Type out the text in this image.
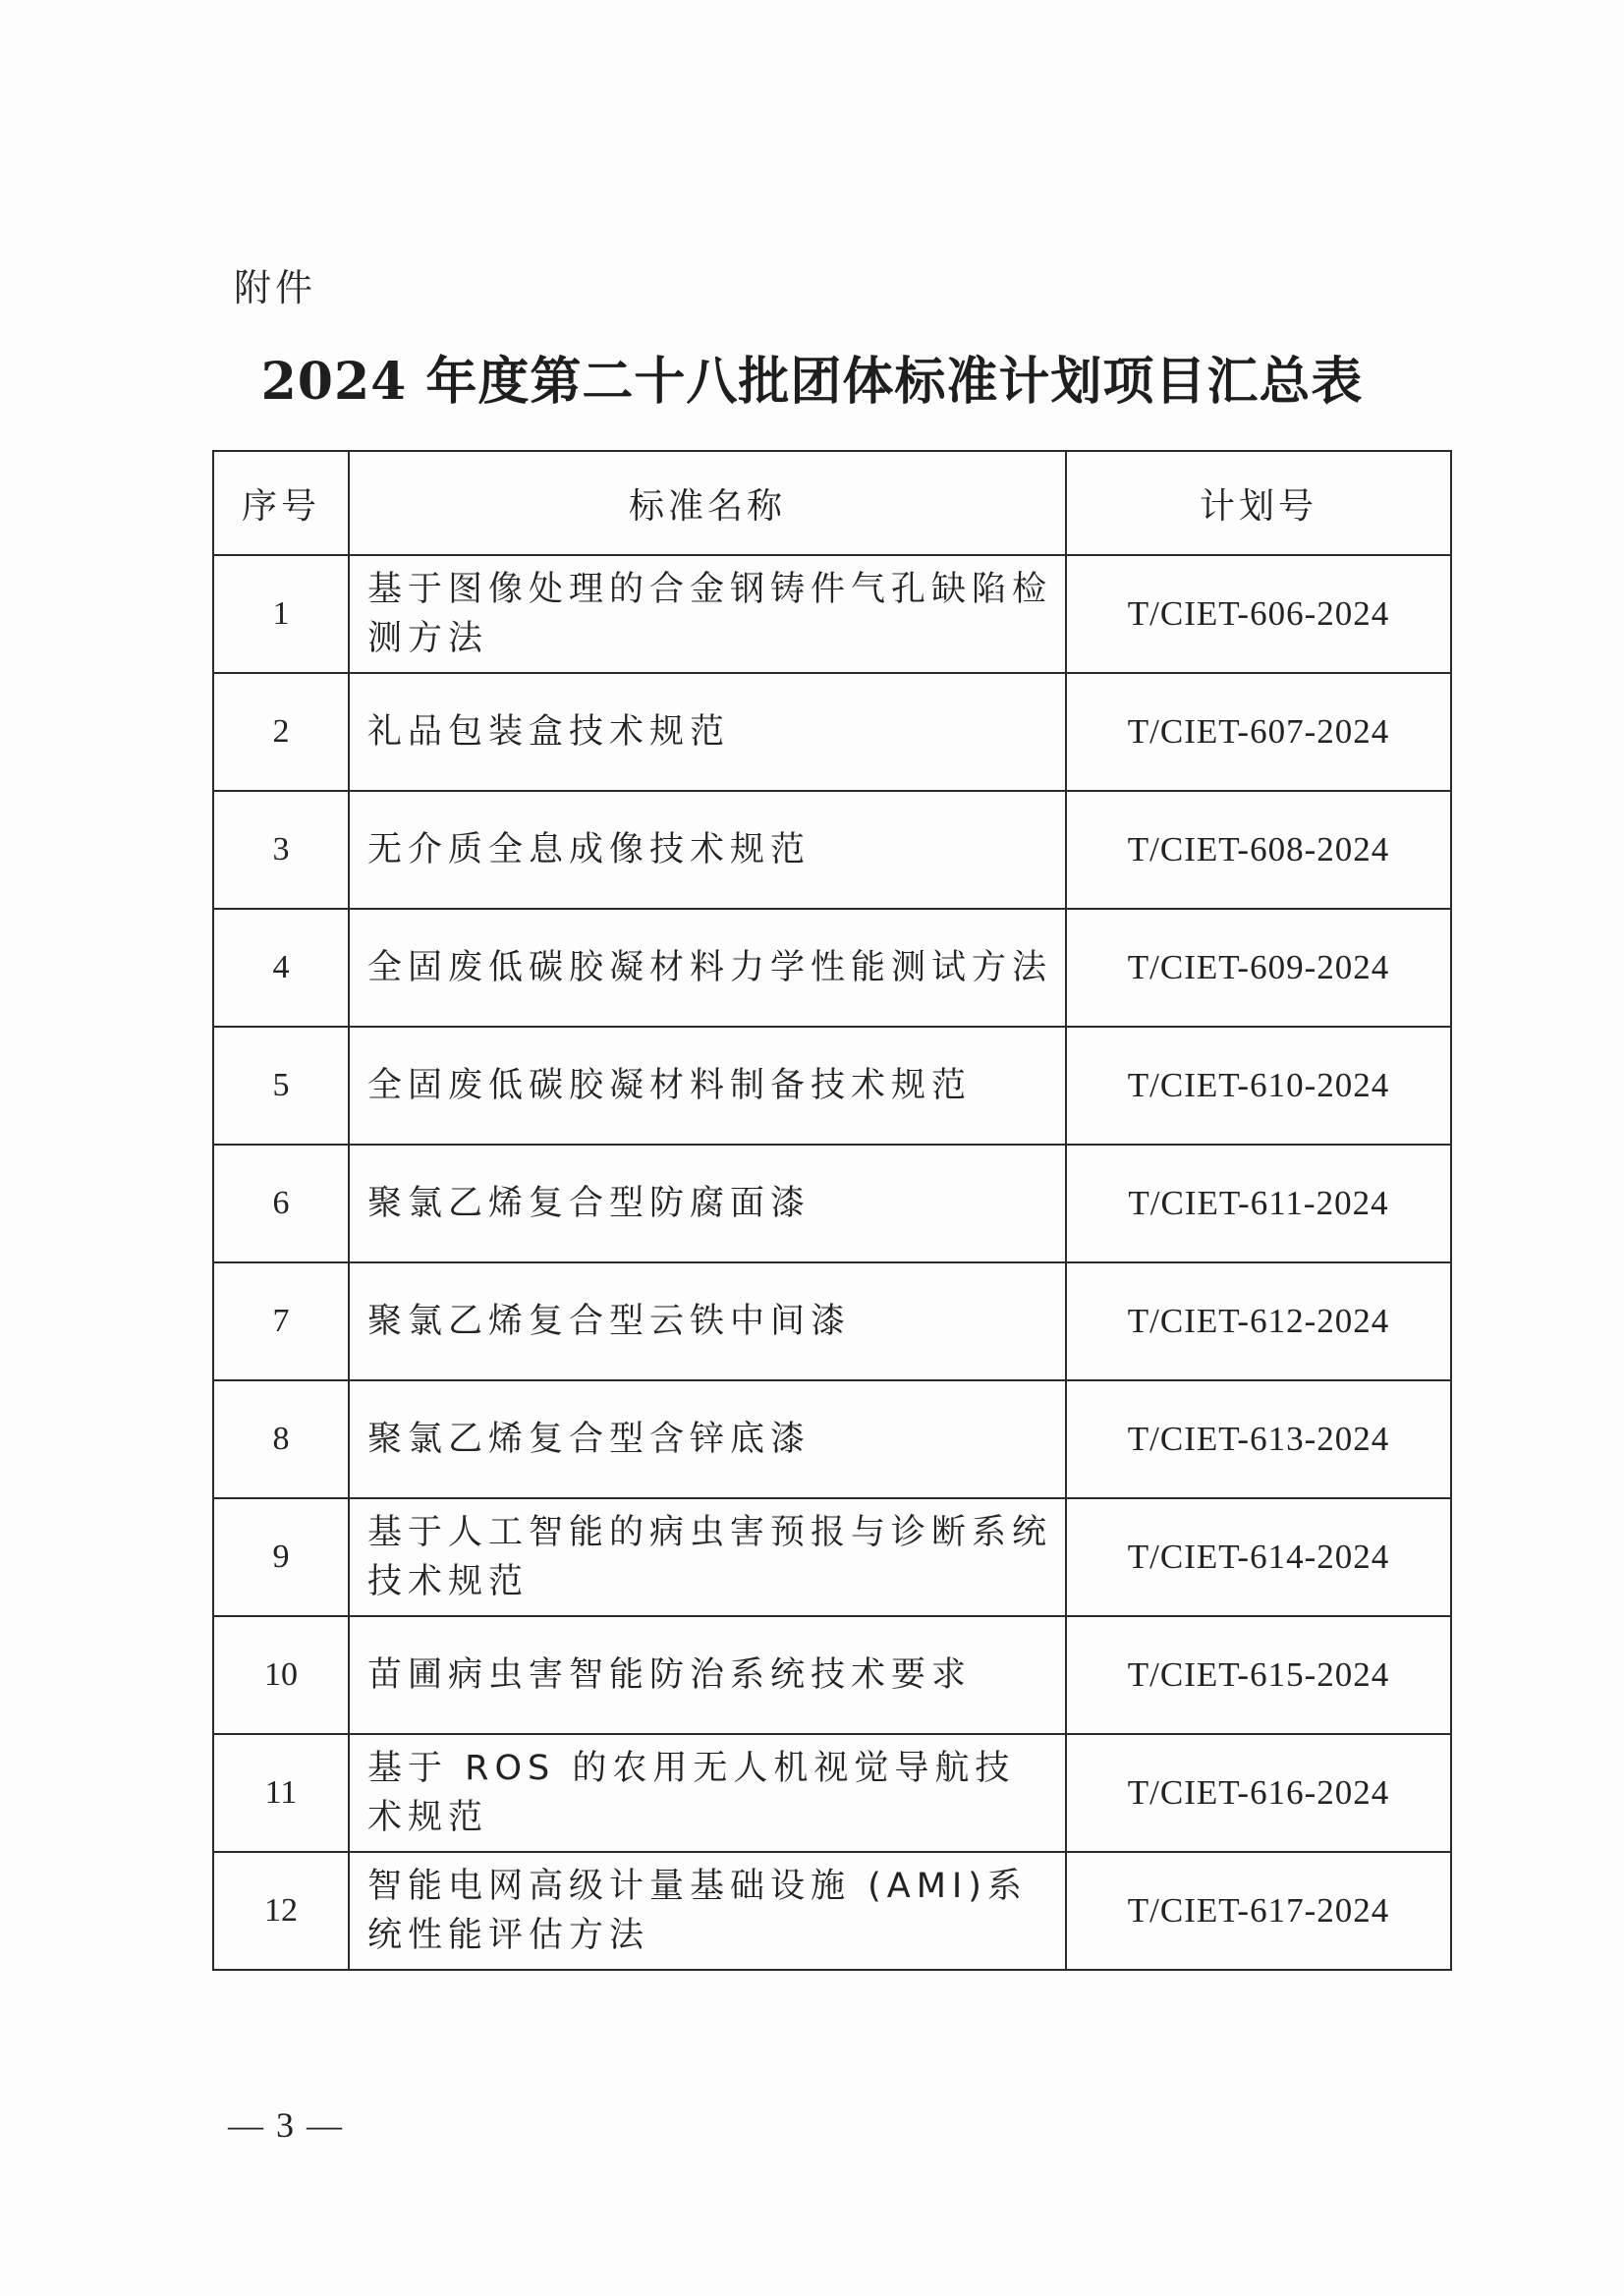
附件
2024 年度第二十八批团体标准计划项目汇总表
序号	标准名称	计划号
1	基于图像处理的合金钢铸件气孔缺陷检测方法	T/CIET-606-2024
2	礼品包装盒技术规范	T/CIET-607-2024
3	无介质全息成像技术规范	T/CIET-608-2024
4	全固废低碳胶凝材料力学性能测试方法	T/CIET-609-2024
5	全固废低碳胶凝材料制备技术规范	T/CIET-610-2024
6	聚氯乙烯复合型防腐面漆	T/CIET-611-2024
7	聚氯乙烯复合型云铁中间漆	T/CIET-612-2024
8	聚氯乙烯复合型含锌底漆	T/CIET-613-2024
9	基于人工智能的病虫害预报与诊断系统技术规范	T/CIET-614-2024
10	苗圃病虫害智能防治系统技术要求	T/CIET-615-2024
11	基于 ROS 的农用无人机视觉导航技术规范	T/CIET-616-2024
12	智能电网高级计量基础设施 (AMI)系统性能评估方法	T/CIET-617-2024
— 3 —
